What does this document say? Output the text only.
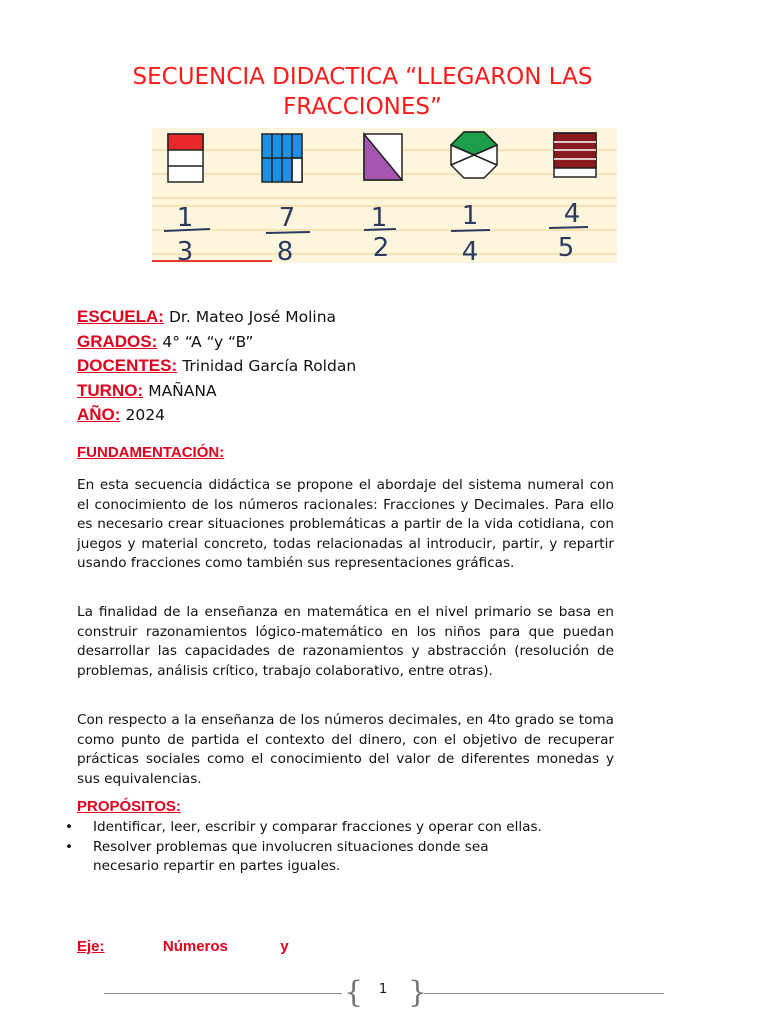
SECUENCIA DIDACTICA “LLEGARON LAS FRACCIONES”
1
3
7
8
1
2
1
4
4
5
ESCUELA: Dr. Mateo José Molina
GRADOS: 4° “A “y “B”
DOCENTES: Trinidad García Roldan
TURNO: MAÑANA
AÑO: 2024
FUNDAMENTACIÓN:

En esta secuencia didáctica se propone el abordaje del sistema numeral con el conocimiento de los números racionales: Fracciones y Decimales. Para ello es necesario crear situaciones problemáticas a partir de la vida cotidiana, con juegos y material concreto, todas relacionadas al introducir, partir, y repartir usando fracciones como también sus representaciones gráficas.

La finalidad de la enseñanza en matemática en el nivel primario se basa en construir razonamientos lógico-matemático en los niños para que puedan desarrollar las capacidades de razonamientos y abstracción (resolución de problemas, análisis crítico, trabajo colaborativo, entre otras).

Con respecto a la enseñanza de los números decimales, en 4to grado se toma como punto de partida el contexto del dinero, con el objetivo de recuperar prácticas sociales como el conocimiento del valor de diferentes monedas y sus equivalencias.

PROPÓSITOS:
• Identificar, leer, escribir y comparar fracciones y operar con ellas.
• Resolver problemas que involucren situaciones donde sea necesario repartir en partes iguales.
Eje:	Números	y
{	1 }
